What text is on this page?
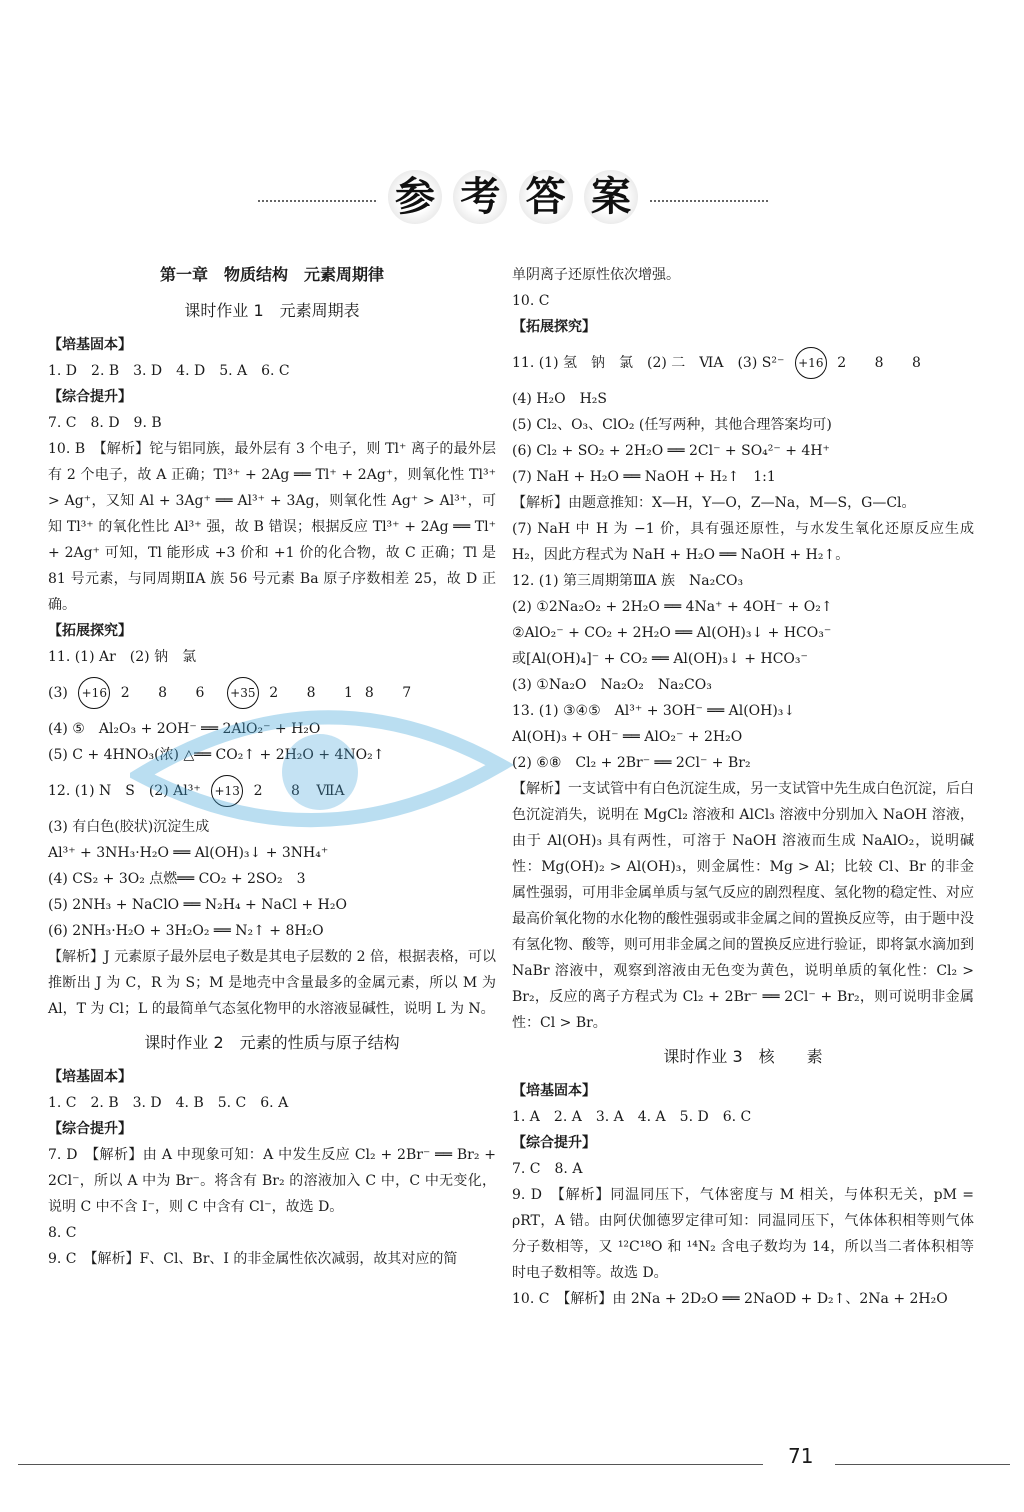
参 考 答 案
第一章　物质结构　元素周期律
课时作业 1　元素周期表
【培基固本】
1. D　2. B　3. D　4. D　5. A　6. C
【综合提升】
7. C　8. D　9. B
10. B　【解析】铊与铝同族，最外层有 3 个电子，则 Tl⁺ 离子的最外层有 2 个电子，故 A 正确；Tl³⁺ + 2Ag ══ Tl⁺ + 2Ag⁺，则氧化性 Tl³⁺ > Ag⁺，又知 Al + 3Ag⁺ ══ Al³⁺ + 3Ag，则氧化性 Ag⁺ > Al³⁺，可知 Tl³⁺ 的氧化性比 Al³⁺ 强，故 B 错误；根据反应 Tl³⁺ + 2Ag ══ Tl⁺ + 2Ag⁺ 可知，Tl 能形成 +3 价和 +1 价的化合物，故 C 正确；Tl 是 81 号元素，与同周期ⅡA 族 56 号元素 Ba 原子序数相差 25，故 D 正确。
【拓展探究】
11. (1) Ar　(2) 钠　氯
(3) +16 2 8 6 +35 2 8 18 7
(4) ⑤　Al₂O₃ + 2OH⁻ ══ 2AlO₂⁻ + H₂O
(5) C + 4HNO₃(浓) △══ CO₂↑ + 2H₂O + 4NO₂↑
12. (1) N　S　(2) Al³⁺ +13 2 8 ⅦA
(3) 有白色(胶状)沉淀生成
Al³⁺ + 3NH₃·H₂O ══ Al(OH)₃↓ + 3NH₄⁺
(4) CS₂ + 3O₂ 点燃══ CO₂ + 2SO₂　3
(5) 2NH₃ + NaClO ══ N₂H₄ + NaCl + H₂O
(6) 2NH₃·H₂O + 3H₂O₂ ══ N₂↑ + 8H₂O
【解析】J 元素原子最外层电子数是其电子层数的 2 倍，根据表格，可以推断出 J 为 C，R 为 S；M 是地壳中含量最多的金属元素，所以 M 为 Al，T 为 Cl；L 的最简单气态氢化物甲的水溶液显碱性，说明 L 为 N。
课时作业 2　元素的性质与原子结构
【培基固本】
1. C　2. B　3. D　4. B　5. C　6. A
【综合提升】
7. D　【解析】由 A 中现象可知：A 中发生反应 Cl₂ + 2Br⁻ ══ Br₂ + 2Cl⁻，所以 A 中为 Br⁻。将含有 Br₂ 的溶液加入 C 中，C 中无变化，说明 C 中不含 I⁻，则 C 中含有 Cl⁻，故选 D。
8. C
9. C　【解析】F、Cl、Br、I 的非金属性依次减弱，故其对应的简
单阴离子还原性依次增强。
10. C
【拓展探究】
11. (1) 氢　钠　氯　(2) 二　ⅥA　(3) S²⁻ +16 2 8 8
(4) H₂O　H₂S
(5) Cl₂、O₃、ClO₂ (任写两种，其他合理答案均可)
(6) Cl₂ + SO₂ + 2H₂O ══ 2Cl⁻ + SO₄²⁻ + 4H⁺
(7) NaH + H₂O ══ NaOH + H₂↑　1:1
【解析】由题意推知：X—H，Y—O，Z—Na，M—S，G—Cl。
(7) NaH 中 H 为 −1 价，具有强还原性，与水发生氧化还原反应生成 H₂，因此方程式为 NaH + H₂O ══ NaOH + H₂↑。
12. (1) 第三周期第ⅢA 族　Na₂CO₃
(2) ①2Na₂O₂ + 2H₂O ══ 4Na⁺ + 4OH⁻ + O₂↑
②AlO₂⁻ + CO₂ + 2H₂O ══ Al(OH)₃↓ + HCO₃⁻
或[Al(OH)₄]⁻ + CO₂ ══ Al(OH)₃↓ + HCO₃⁻
(3) ①Na₂O　Na₂O₂　Na₂CO₃
13. (1) ③④⑤　Al³⁺ + 3OH⁻ ══ Al(OH)₃↓
Al(OH)₃ + OH⁻ ══ AlO₂⁻ + 2H₂O
(2) ⑥⑧　Cl₂ + 2Br⁻ ══ 2Cl⁻ + Br₂
【解析】一支试管中有白色沉淀生成，另一支试管中先生成白色沉淀，后白色沉淀消失，说明在 MgCl₂ 溶液和 AlCl₃ 溶液中分别加入 NaOH 溶液，由于 Al(OH)₃ 具有两性，可溶于 NaOH 溶液而生成 NaAlO₂，说明碱性：Mg(OH)₂ > Al(OH)₃，则金属性：Mg > Al；比较 Cl、Br 的非金属性强弱，可用非金属单质与氢气反应的剧烈程度、氢化物的稳定性、对应最高价氧化物的水化物的酸性强弱或非金属之间的置换反应等，由于题中没有氢化物、酸等，则可用非金属之间的置换反应进行验证，即将氯水滴加到 NaBr 溶液中，观察到溶液由无色变为黄色，说明单质的氧化性：Cl₂ > Br₂，反应的离子方程式为 Cl₂ + 2Br⁻ ══ 2Cl⁻ + Br₂，则可说明非金属性：Cl > Br。
课时作业 3　核　　素
【培基固本】
1. A　2. A　3. A　4. A　5. D　6. C
【综合提升】
7. C　8. A
9. D　【解析】同温同压下，气体密度与 M 相关，与体积无关，pM = ρRT，A 错。由阿伏伽德罗定律可知：同温同压下，气体体积相等则气体分子数相等，又 ¹²C¹⁸O 和 ¹⁴N₂ 含电子数均为 14，所以当二者体积相等时电子数相等。故选 D。
10. C　【解析】由 2Na + 2D₂O ══ 2NaOD + D₂↑、2Na + 2H₂O
71
